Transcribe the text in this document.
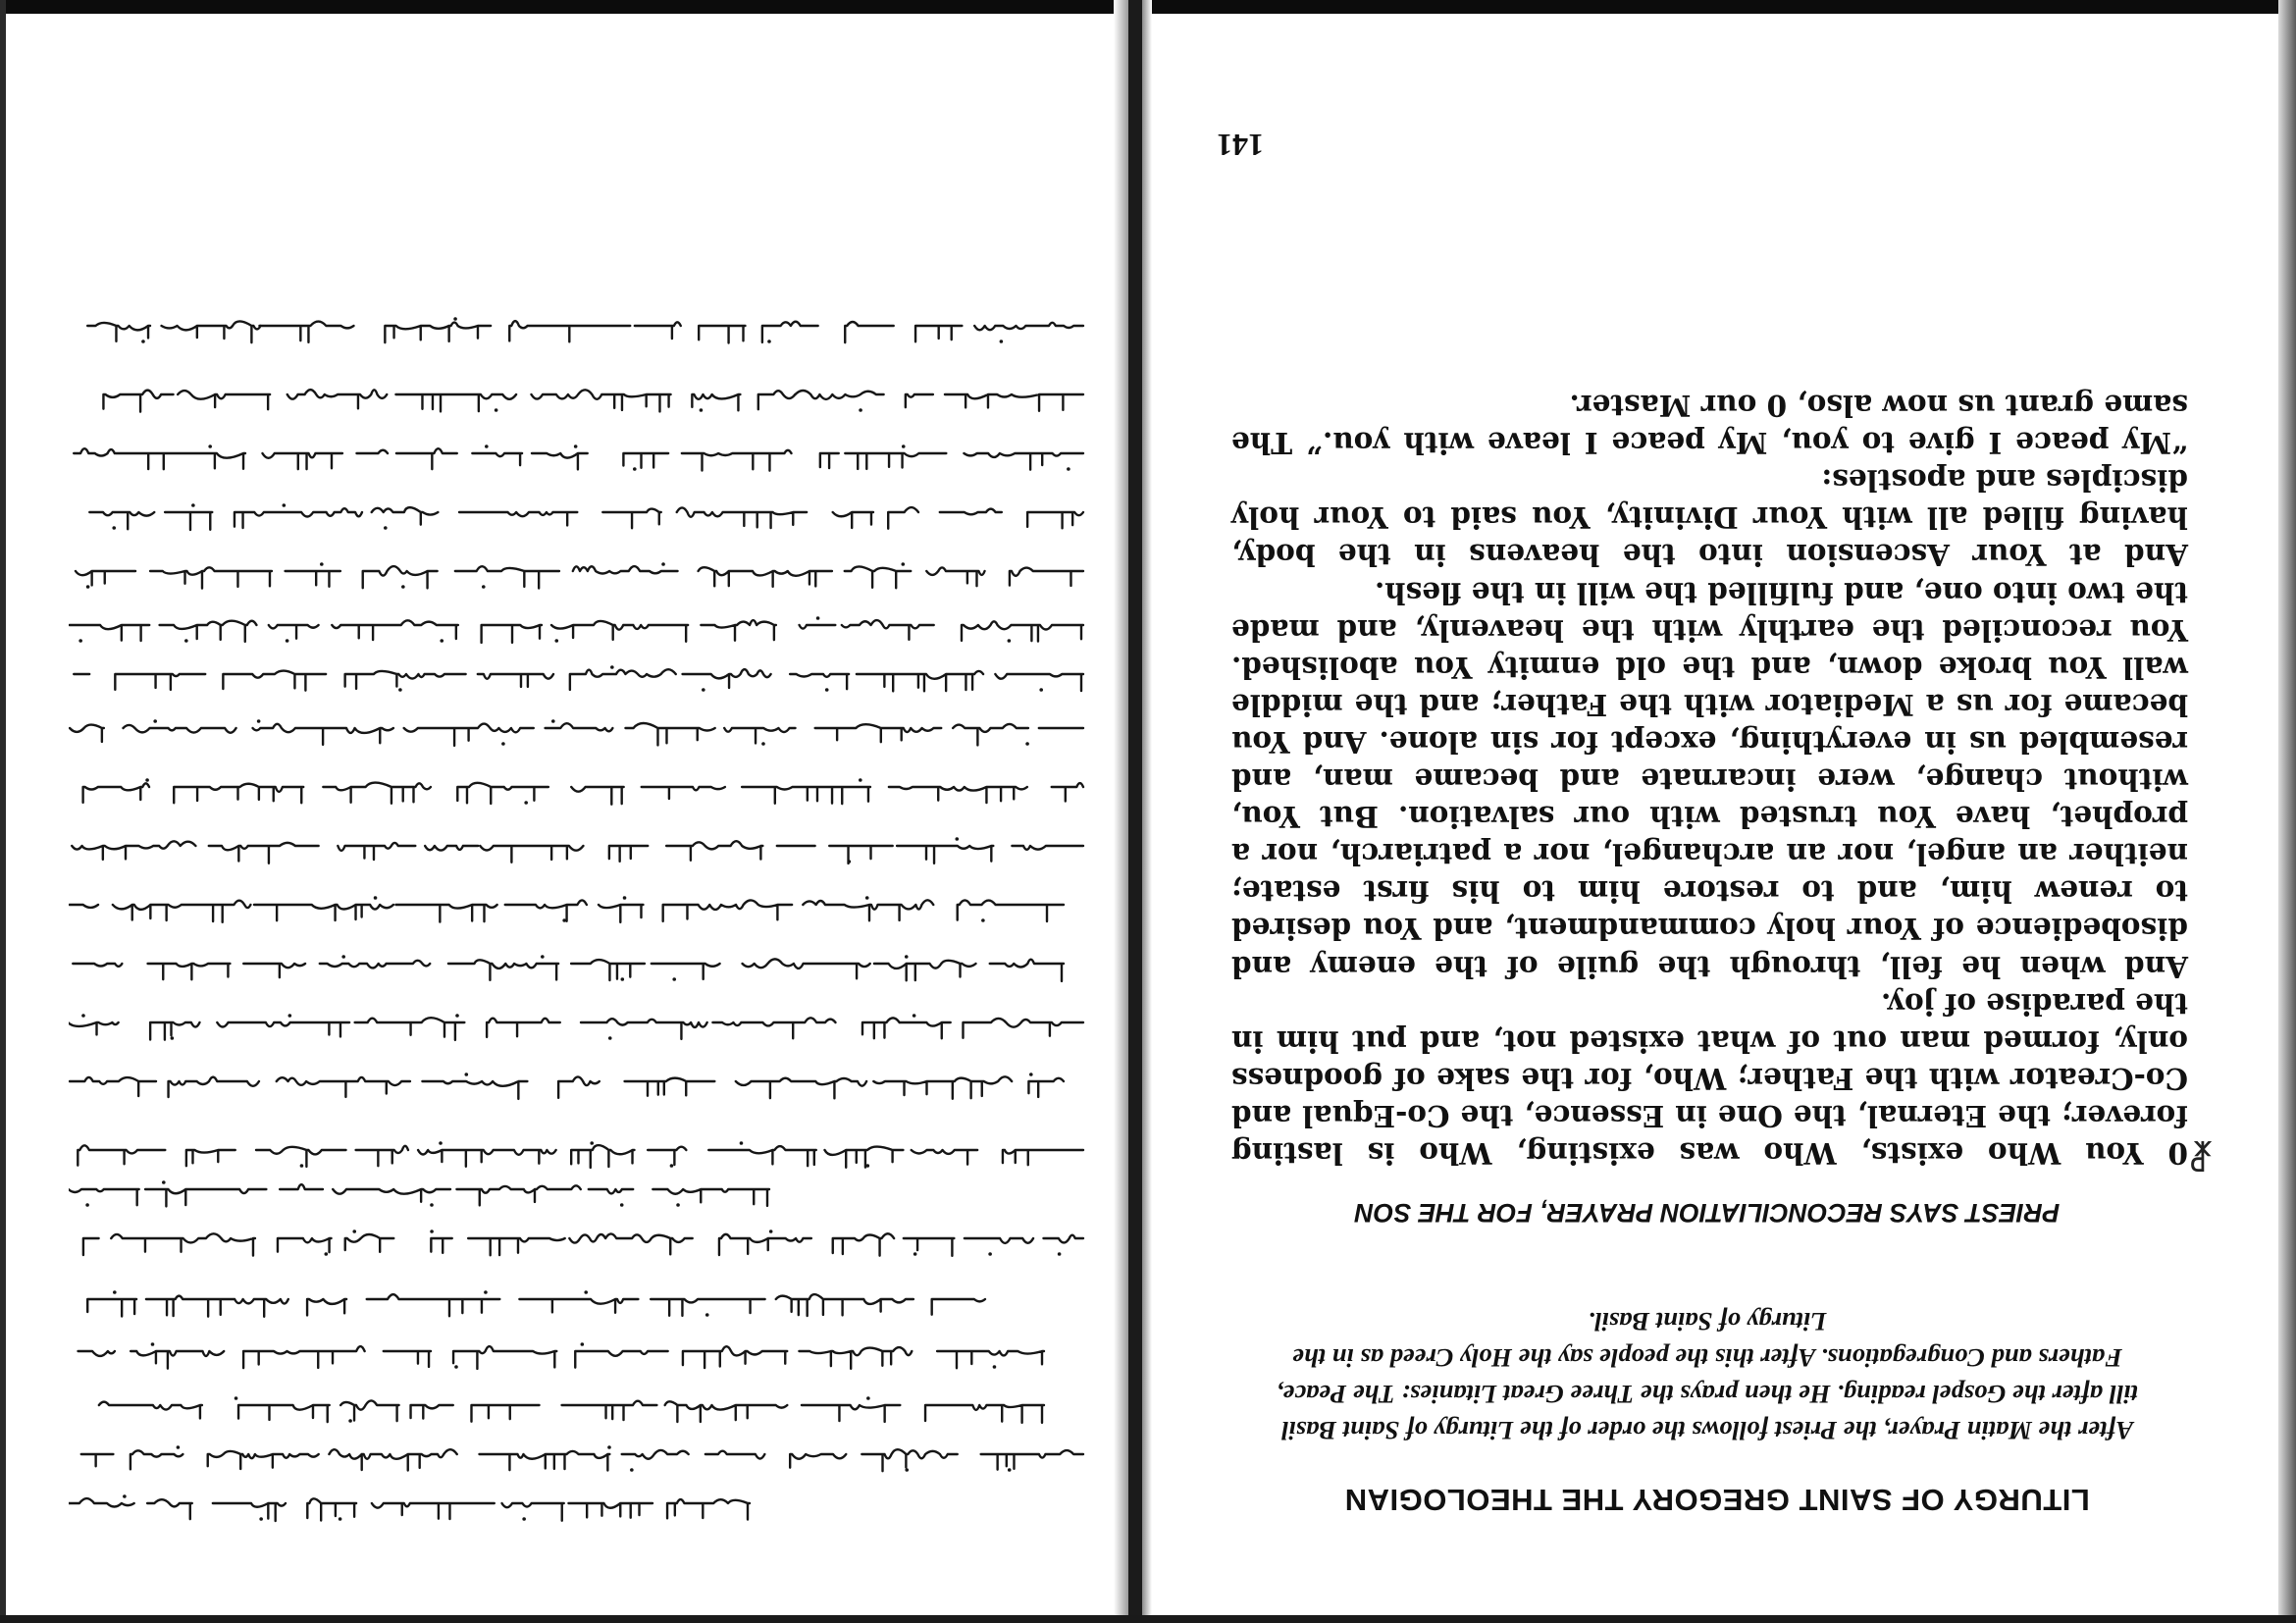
LITURGY OF SAINT GREGORY THE THEOLOGIAN
After the Matin Prayer, the Priest follows the order of the Liturgy of Saint Basil till after the Gospel reading. He then prays the Three Great Litanies: The Peace, Fathers and Congregations. After this the people say the Holy Creed as in the Liturgy of Saint Basil.
PRIEST SAYS RECONCILIATION PRAYER, FOR THE SON
☧

0 You Who exists, Who was existing, Who is lasting forever; the Eternal, the One in Essence, the Co-Equal and Co-Creator with the Father; Who, for the sake of goodness only, formed man out of what existed not, and put him in the paradise of joy.

And when he fell, through the guile of the enemy and disobedience of Your holy commandment, and You desired to renew him, and to restore him to his first estate; neither an angel, nor an archangel, nor a patriarch, nor a prophet, have You trusted with our salvation. But You, without change, were incarnate and became man, and resembled us in everything, except for sin alone. And You became for us a Mediator with the Father; and the middle wall You broke down, and the old enmity You abolished. You reconciled the earthly with the heavenly, and made the two into one, and fulfilled the will in the flesh.

And at Your Ascension into the heavens in the body, having filled all with Your Divinity, You said to Your holy disciples and apostles:

“My peace I give to you, My peace I leave with you.” The same grant us now also, 0 our Master.

141
